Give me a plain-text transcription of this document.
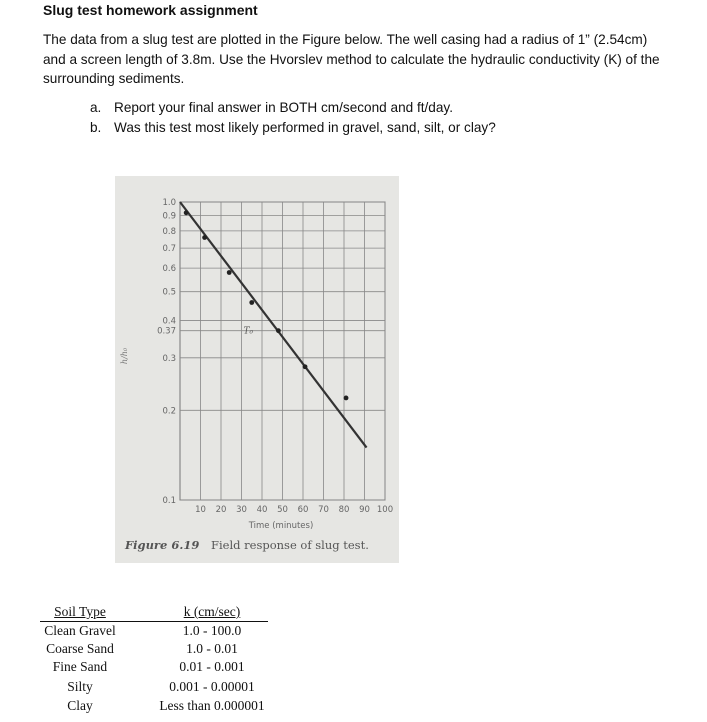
Slug test homework assignment
The data from a slug test are plotted in the Figure below. The well casing had a radius of 1” (2.54cm) and a screen length of 3.8m. Use the Hvorslev method to calculate the hydraulic conductivity (K) of the surrounding sediments.
a. Report your final answer in BOTH cm/second and ft/day.
b. Was this test most likely performed in gravel, sand, silt, or clay?
1.0
0.9
0.8
0.7
0.6
0.5
0.4
0.37
0.3
0.2
0.1
10 20 30 40 50 60 70 80 90 100
T₀
h/h₀
Time (minutes)
Figure 6.19 Field response of slug test.
Soil Type	k (cm/sec)
Clean Gravel	1.0 - 100.0
Coarse Sand	1.0 - 0.01
Fine Sand	0.01 - 0.001
Silty	0.001 - 0.00001
Clay	Less than 0.000001
